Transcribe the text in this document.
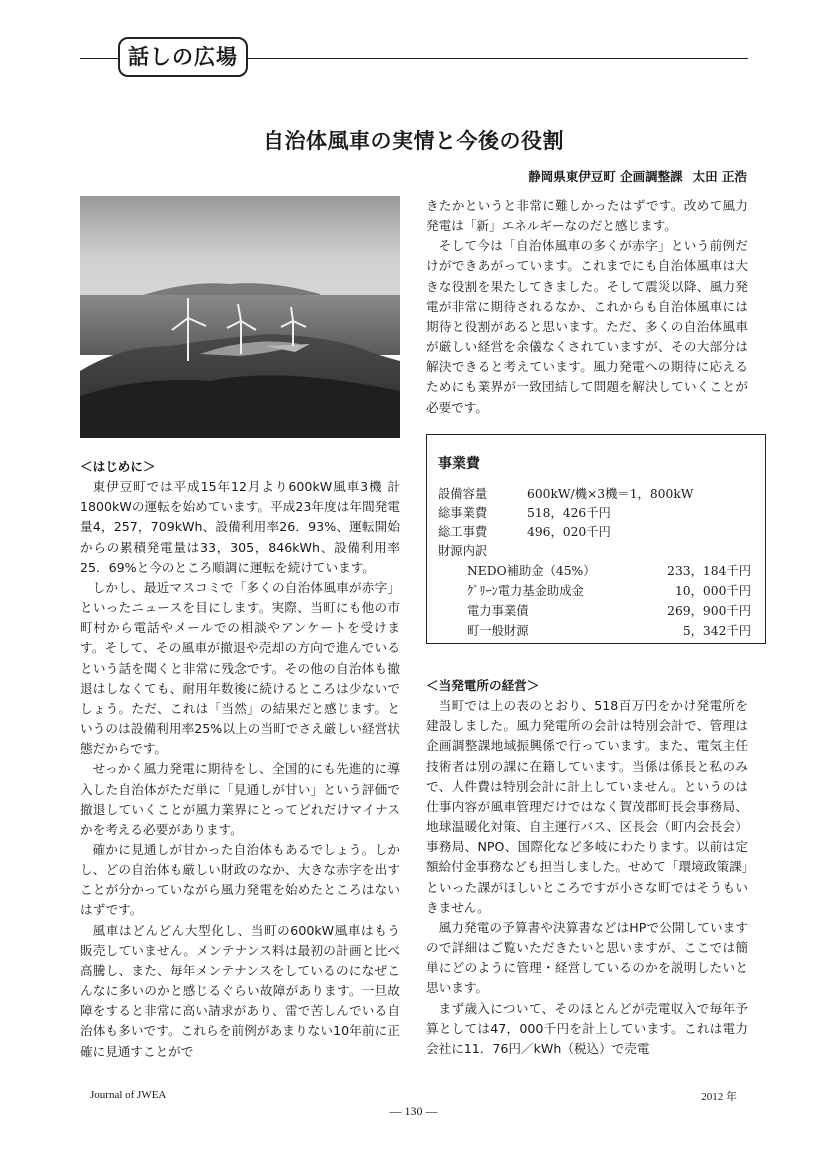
話しの広場
自治体風車の実情と今後の役割
静岡県東伊豆町 企画調整課 太田 正浩
＜はじめに＞

東伊豆町では平成15年12月より600kW風車3機 計1800kWの運転を始めています。平成23年度は年間発電量4，257，709kWh、設備利用率26．93%、運転開始からの累積発電量は33，305，846kWh、設備利用率25．69%と今のところ順調に運転を続けています。

しかし、最近マスコミで「多くの自治体風車が赤字」といったニュースを目にします。実際、当町にも他の市町村から電話やメールでの相談やアンケートを受けます。そして、その風車が撤退や売却の方向で進んでいるという話を聞くと非常に残念です。その他の自治体も撤退はしなくても、耐用年数後に続けるところは少ないでしょう。ただ、これは「当然」の結果だと感じます。というのは設備利用率25%以上の当町でさえ厳しい経営状態だからです。

せっかく風力発電に期待をし、全国的にも先進的に導入した自治体がただ単に「見通しが甘い」という評価で撤退していくことが風力業界にとってどれだけマイナスかを考える必要があります。

確かに見通しが甘かった自治体もあるでしょう。しかし、どの自治体も厳しい財政のなか、大きな赤字を出すことが分かっていながら風力発電を始めたところはないはずです。

風車はどんどん大型化し、当町の600kW風車はもう販売していません。メンテナンス料は最初の計画と比べ高騰し、また、毎年メンテナンスをしているのになぜこんなに多いのかと感じるぐらい故障があります。一旦故障をすると非常に高い請求があり、雷で苦しんでいる自治体も多いです。これらを前例があまりない10年前に正確に見通すことがで

きたかというと非常に難しかったはずです。改めて風力発電は「新」エネルギーなのだと感じます。

そして今は「自治体風車の多くが赤字」という前例だけができあがっています。これまでにも自治体風車は大きな役割を果たしてきました。そして震災以降、風力発電が非常に期待されるなか、これからも自治体風車には期待と役割があると思います。ただ、多くの自治体風車が厳しい経営を余儀なくされていますが、その大部分は解決できると考えています。風力発電への期待に応えるためにも業界が一致団結して問題を解決していくことが必要です。

事業費
設備容量	600kW/機×3機＝1，800kW
総事業費	518，426千円
総工事費	496，020千円
財源内訳
NEDO補助金（45%）	233，184千円
ｸﾞﾘｰﾝ電力基金助成金	10，000千円
電力事業債	269，900千円
町一般財源	5，342千円
＜当発電所の経営＞

当町では上の表のとおり、518百万円をかけ発電所を建設しました。風力発電所の会計は特別会計で、管理は企画調整課地域振興係で行っています。また、電気主任技術者は別の課に在籍しています。当係は係長と私のみで、人件費は特別会計に計上していません。というのは仕事内容が風車管理だけではなく賀茂郡町長会事務局、地球温暖化対策、自主運行バス、区長会（町内会長会）事務局、NPO、国際化など多岐にわたります。以前は定額給付金事務なども担当しました。せめて「環境政策課」といった課がほしいところですが小さな町ではそうもいきません。

風力発電の予算書や決算書などはHPで公開していますので詳細はご覧いただきたいと思いますが、ここでは簡単にどのように管理・経営しているのかを説明したいと思います。

まず歳入について、そのほとんどが売電収入で毎年予算としては47，000千円を計上しています。これは電力会社に11．76円／kWh（税込）で売電

Journal of JWEA	2012 年
— 130 —
